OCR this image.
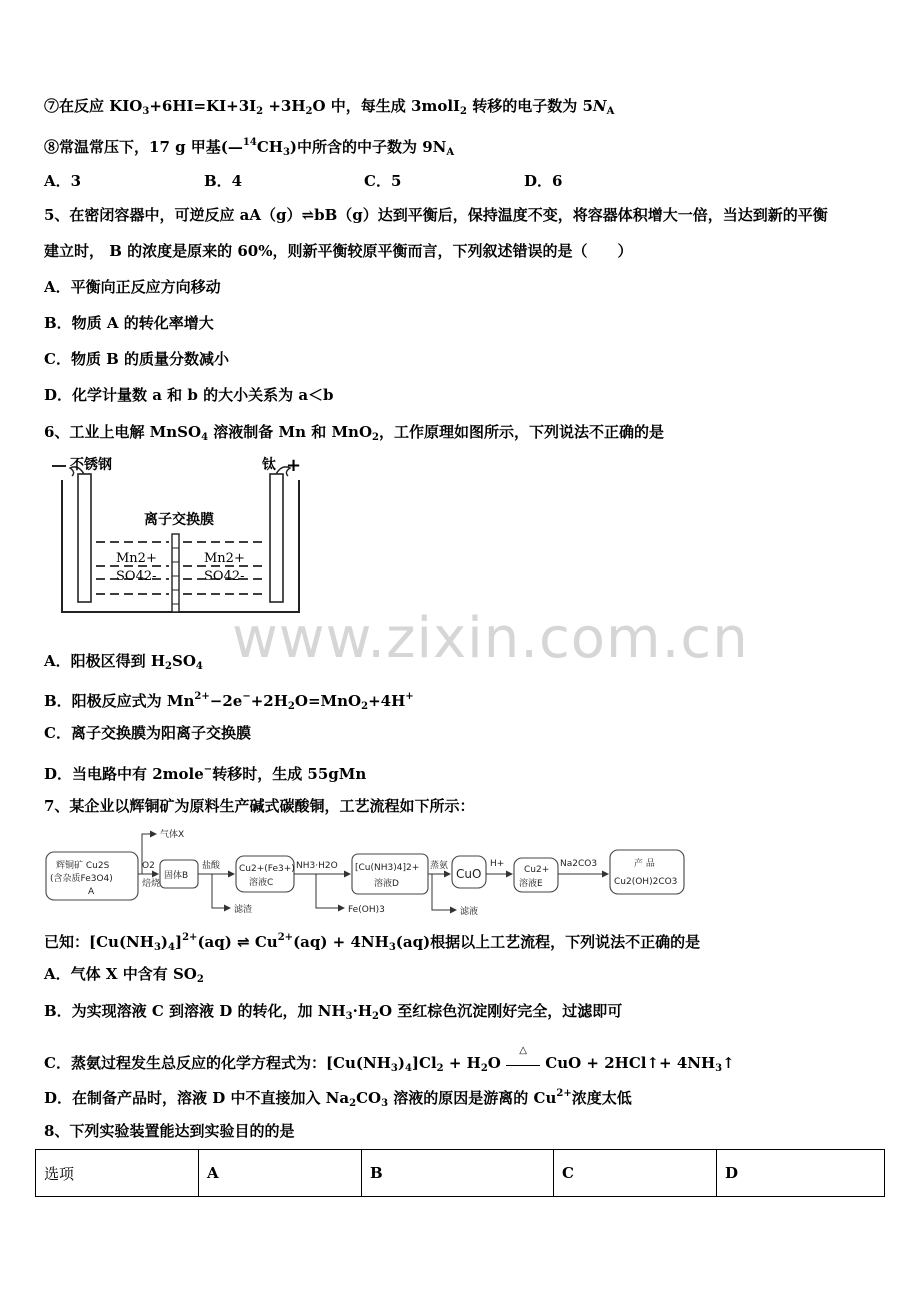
⑦在反应 $KIO_3+6HI=KI+3I_2 +3H_2O$ 中，每生成 3molI$_2$ 转移的电子数为 $5N_A$
⑧常温常压下，17 g 甲基$(—^{14}CH_3)$中所含的中子数为 $9N_A$
A．3	B．4	C．5	D．6
5、在密闭容器中，可逆反应 aA（g）⇌bB（g）达到平衡后，保持温度不变，将容器体积增大一倍，当达到新的平衡
建立时， B 的浓度是原来的 60%，则新平衡较原平衡而言，下列叙述错误的是（　　）
A．平衡向正反应方向移动
B．物质 A 的转化率增大
C．物质 B 的质量分数减小
D．化学计量数 a 和 b 的大小关系为 a＜b
6、工业上电解 MnSO$_4$ 溶液制备 Mn 和 MnO$_2$，工作原理如图所示，下列说法不正确的是
不锈钢	钛 +
离子交换膜
Mn2+
SO42-
Mn2+
SO42-
www.zixin.com.cn
A．阳极区得到 $H_2SO_4$
B．阳极反应式为 $Mn^{2+}-2e^-+2H_2O=MnO_2+4H^+$
C．离子交换膜为阳离子交换膜
D．当电路中有 2mole−转移时，生成 55gMn
7、某企业以辉铜矿为原料生产碱式碳酸铜，工艺流程如下所示：
辉铜矿 Cu2S
(含杂质Fe3O4)
A
O2
焙烧
气体X
固体B
盐酸
滤渣
Cu2+(Fe3+)
溶液C
NH3·H2O
Fe(OH)3
[Cu(NH3)4]2+
溶液D
蒸氨
滤液
CuO
H+
Cu2+
溶液E
Na2CO3	产 品
Cu2(OH)2CO3
已知：$[Cu(NH_3)_4]^{2+}(aq)$ ⇌ $Cu^{2+}(aq) + 4NH_3(aq)$根据以上工艺流程，下列说法不正确的是
A．气体 X 中含有 $SO_2$
B．为实现溶液 C 到溶液 D 的转化，加 $NH_3\cdot H_2O$ 至红棕色沉淀刚好完全，过滤即可
C．蒸氨过程发生总反应的化学方程式为：$[Cu(NH_3)_4]Cl_2 + H_2O$ △
CuO + 2HCl↑+ $4NH_3↑$
D．在制备产品时，溶液 D 中不直接加入 $Na_2CO_3$ 溶液的原因是游离的 $Cu^{2+}$浓度太低
8、下列实验装置能达到实验目的的是
选项	A	B	C	D
